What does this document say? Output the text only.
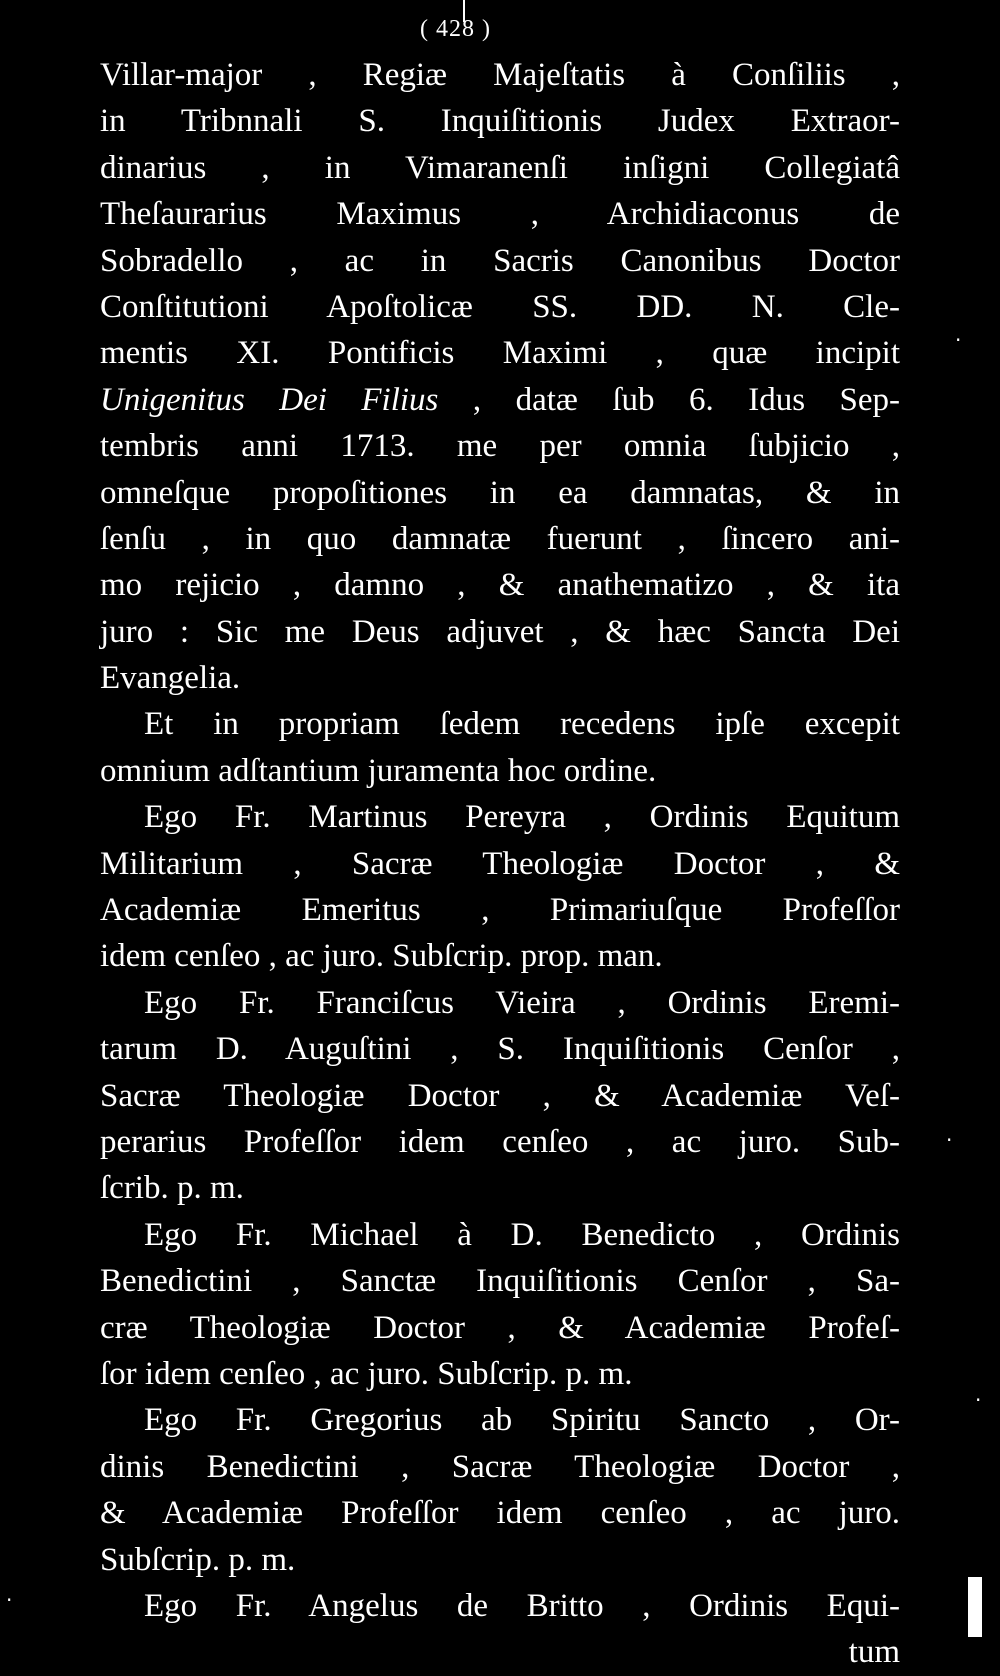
( 428 )
Villar-major , Regiæ Majeſtatis à Conſiliis ,
in Tribnnali S. Inquiſitionis Judex Extraor-
dinarius , in Vimaranenſi inſigni Collegiatâ
Theſaurarius Maximus , Archidiaconus de
Sobradello , ac in Sacris Canonibus Doctor
Conſtitutioni Apoſtolicæ SS. DD. N. Cle-
mentis XI. Pontificis Maximi , quæ incipit
Unigenitus Dei Filius , datæ ſub 6. Idus Sep-
tembris anni 1713. me per omnia ſubjicio ,
omneſque propoſitiones in ea damnatas, & in
ſenſu , in quo damnatæ fuerunt , ſincero ani-
mo rejicio , damno , & anathematizo , & ita
juro : Sic me Deus adjuvet , & hæc Sancta Dei
Evangelia.
Et in propriam ſedem recedens ipſe excepit
omnium adſtantium juramenta hoc ordine.
Ego Fr. Martinus Pereyra , Ordinis Equitum
Militarium , Sacræ Theologiæ Doctor , &
Academiæ Emeritus , Primariuſque Profeſſor
idem cenſeo , ac juro. Subſcrip. prop. man.
Ego Fr. Franciſcus Vieira , Ordinis Eremi-
tarum D. Auguſtini , S. Inquiſitionis Cenſor ,
Sacræ Theologiæ Doctor , & Academiæ Veſ-
perarius Profeſſor idem cenſeo , ac juro. Sub-
ſcrib. p. m.
Ego Fr. Michael à D. Benedicto , Ordinis
Benedictini , Sanctæ Inquiſitionis Cenſor , Sa-
cræ Theologiæ Doctor , & Academiæ Profeſ-
ſor idem cenſeo , ac juro. Subſcrip. p. m.
Ego Fr. Gregorius ab Spiritu Sancto , Or-
dinis Benedictini , Sacræ Theologiæ Doctor ,
& Academiæ Profeſſor idem cenſeo , ac juro.
Subſcrip. p. m.
Ego Fr. Angelus de Britto , Ordinis Equi-
tum
·
·
·
·
